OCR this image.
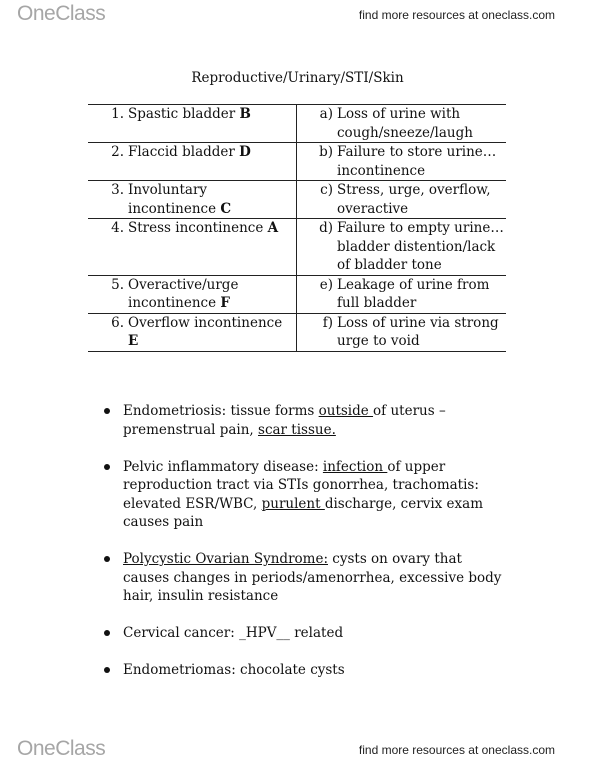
OneClass	find more resources at oneclass.com
Reproductive/Urinary/STI/Skin
1. Spastic bladder B	a) Loss of urine with cough/sneeze/laugh

2. Flaccid bladder D	b) Failure to store urine…incontinence

3. Involuntary incontinence C	c) Stress, urge, overflow, overactive

4. Stress incontinence A	d) Failure to empty urine…bladder distention/lack of bladder tone

5. Overactive/urge incontinence F	e) Leakage of urine from full bladder

6. Overflow incontinence E	f) Loss of urine via strong urge to void
Endometriosis: tissue forms outside of uterus – premenstrual pain, scar tissue.
Pelvic inflammatory disease: infection of upper reproduction tract via STIs gonorrhea, trachomatis: elevated ESR/WBC, purulent discharge, cervix exam causes pain
Polycystic Ovarian Syndrome: cysts on ovary that causes changes in periods/amenorrhea, excessive body hair, insulin resistance
Cervical cancer: _HPV__ related
Endometriomas: chocolate cysts
OneClass	find more resources at oneclass.com
